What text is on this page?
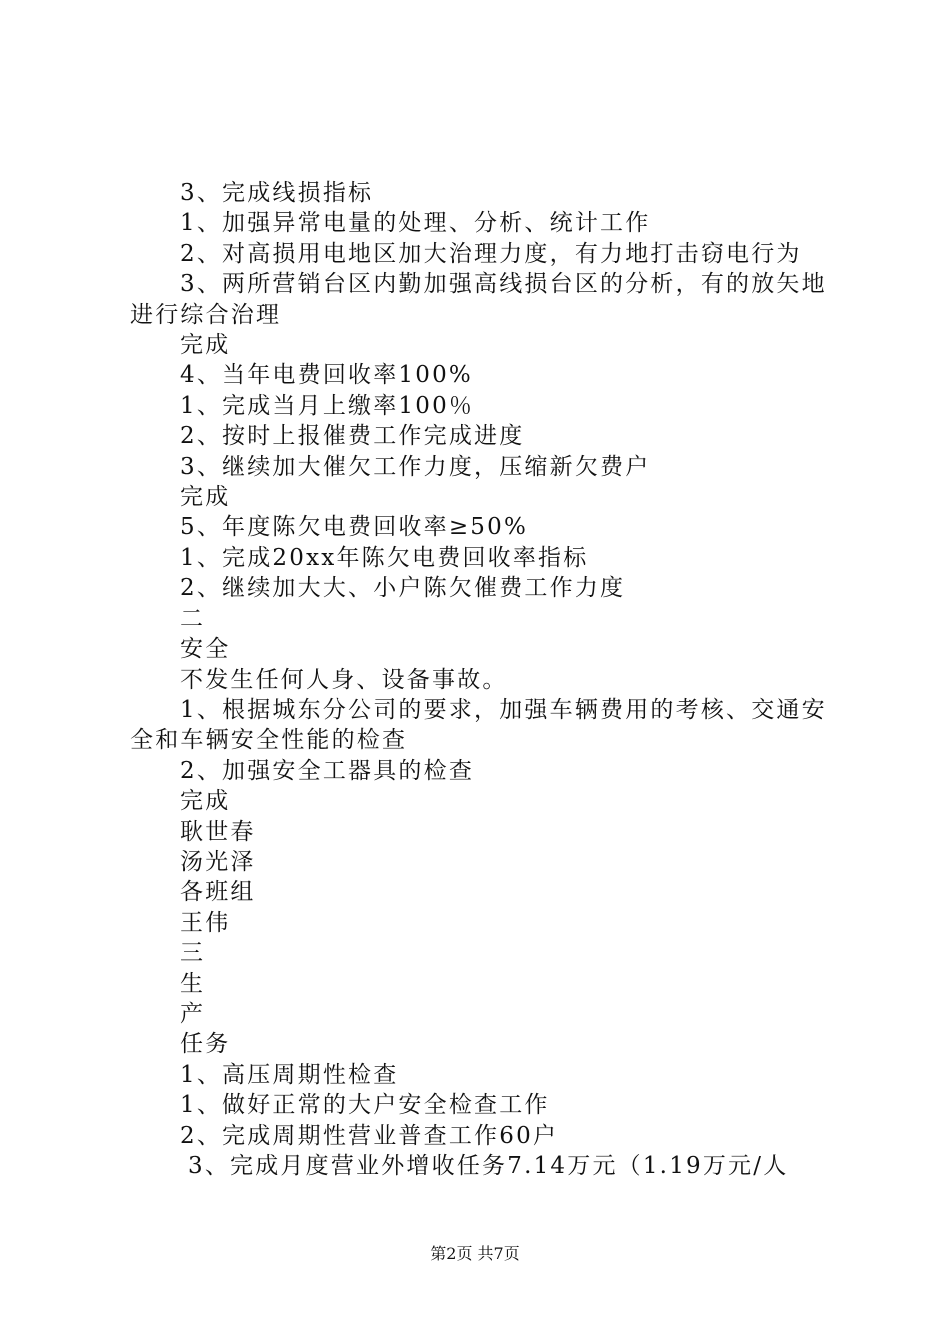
3、完成线损指标

1、加强异常电量的处理、分析、统计工作

2、对高损用电地区加大治理力度，有力地打击窃电行为

3、两所营销台区内勤加强高线损台区的分析，有的放矢地

进行综合治理

完成

4、当年电费回收率100%

1、完成当月上缴率100％

2、按时上报催费工作完成进度

3、继续加大催欠工作力度，压缩新欠费户

完成

5、年度陈欠电费回收率≥50%

1、完成20xx年陈欠电费回收率指标

2、继续加大大、小户陈欠催费工作力度

二

安全

不发生任何人身、设备事故。

1、根据城东分公司的要求，加强车辆费用的考核、交通安

全和车辆安全性能的检查

2、加强安全工器具的检查

完成

耿世春

汤光泽

各班组

王伟

三

生

产

任务

1、高压周期性检查

1、做好正常的大户安全检查工作

2、完成周期性营业普查工作60户

3、完成月度营业外增收任务7.14万元（1.19万元/人

第2页 共7页
